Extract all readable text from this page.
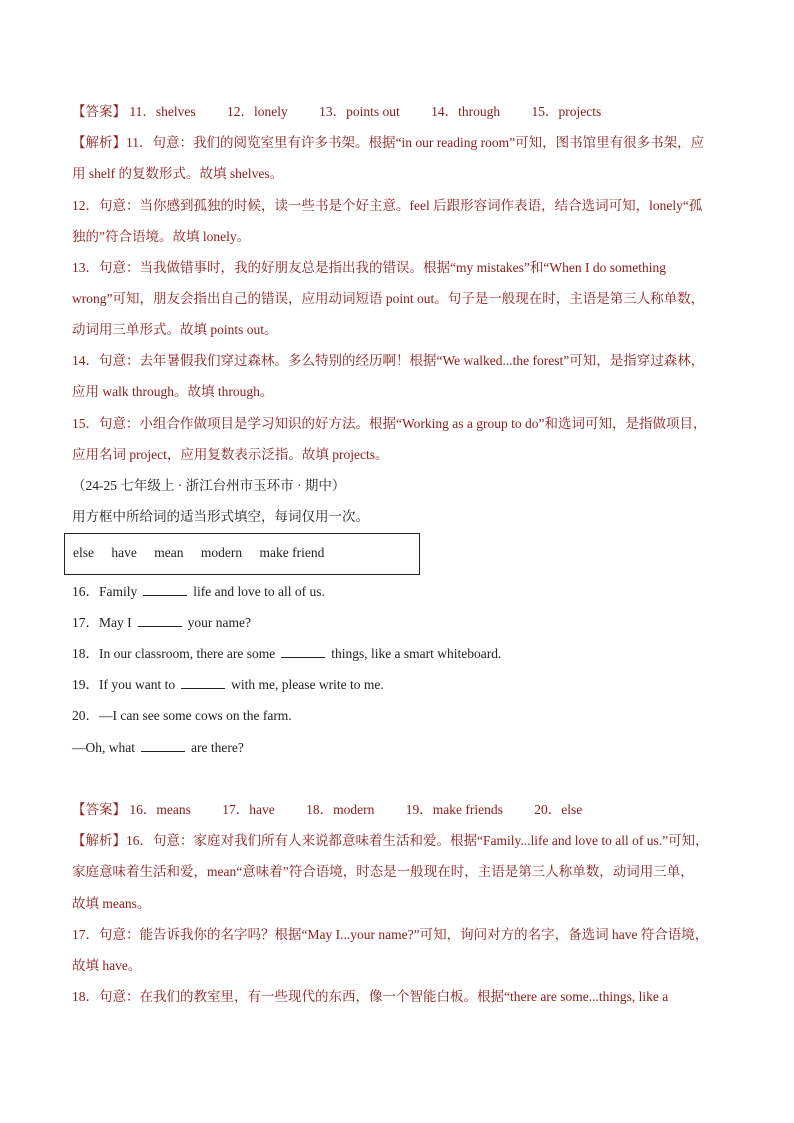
【答案】 11．shelves 12．lonely 13．points out 14．through 15．projects
【解析】11．句意：我们的阅览室里有许多书架。根据“in our reading room”可知，图书馆里有很多书架，应
用 shelf 的复数形式。故填 shelves。
12．句意：当你感到孤独的时候，读一些书是个好主意。feel 后跟形容词作表语，结合选词可知，lonely“孤
独的”符合语境。故填 lonely。
13．句意：当我做错事时，我的好朋友总是指出我的错误。根据“my mistakes”和“When I do something
wrong”可知，朋友会指出自己的错误，应用动词短语 point out。句子是一般现在时，主语是第三人称单数，
动词用三单形式。故填 points out。
14．句意：去年暑假我们穿过森林。多么特别的经历啊！根据“We walked...the forest”可知，是指穿过森林，
应用 walk through。故填 through。
15．句意：小组合作做项目是学习知识的好方法。根据“Working as a group to do”和选词可知，是指做项目，
应用名词 project，应用复数表示泛指。故填 projects。
（24-25 七年级上 · 浙江台州市玉环市 · 期中）
用方框中所给词的适当形式填空，每词仅用一次。
else have mean modern make friend
16．Family	life and love to all of us.
17．May I	your name?
18．In our classroom, there are some	things, like a smart whiteboard.
19．If you want to	with me, please write to me.
20．—I can see some cows on the farm.
—Oh, what	are there?
【答案】 16．means 17．have 18．modern 19．make friends 20．else
【解析】16．句意：家庭对我们所有人来说都意味着生活和爱。根据“Family...life and love to all of us.”可知，
家庭意味着生活和爱，mean“意味着”符合语境，时态是一般现在时，主语是第三人称单数，动词用三单，
故填 means。
17．句意：能告诉我你的名字吗？根据“May I...your name?”可知，询问对方的名字，备选词 have 符合语境，
故填 have。
18．句意：在我们的教室里，有一些现代的东西，像一个智能白板。根据“there are some...things, like a
